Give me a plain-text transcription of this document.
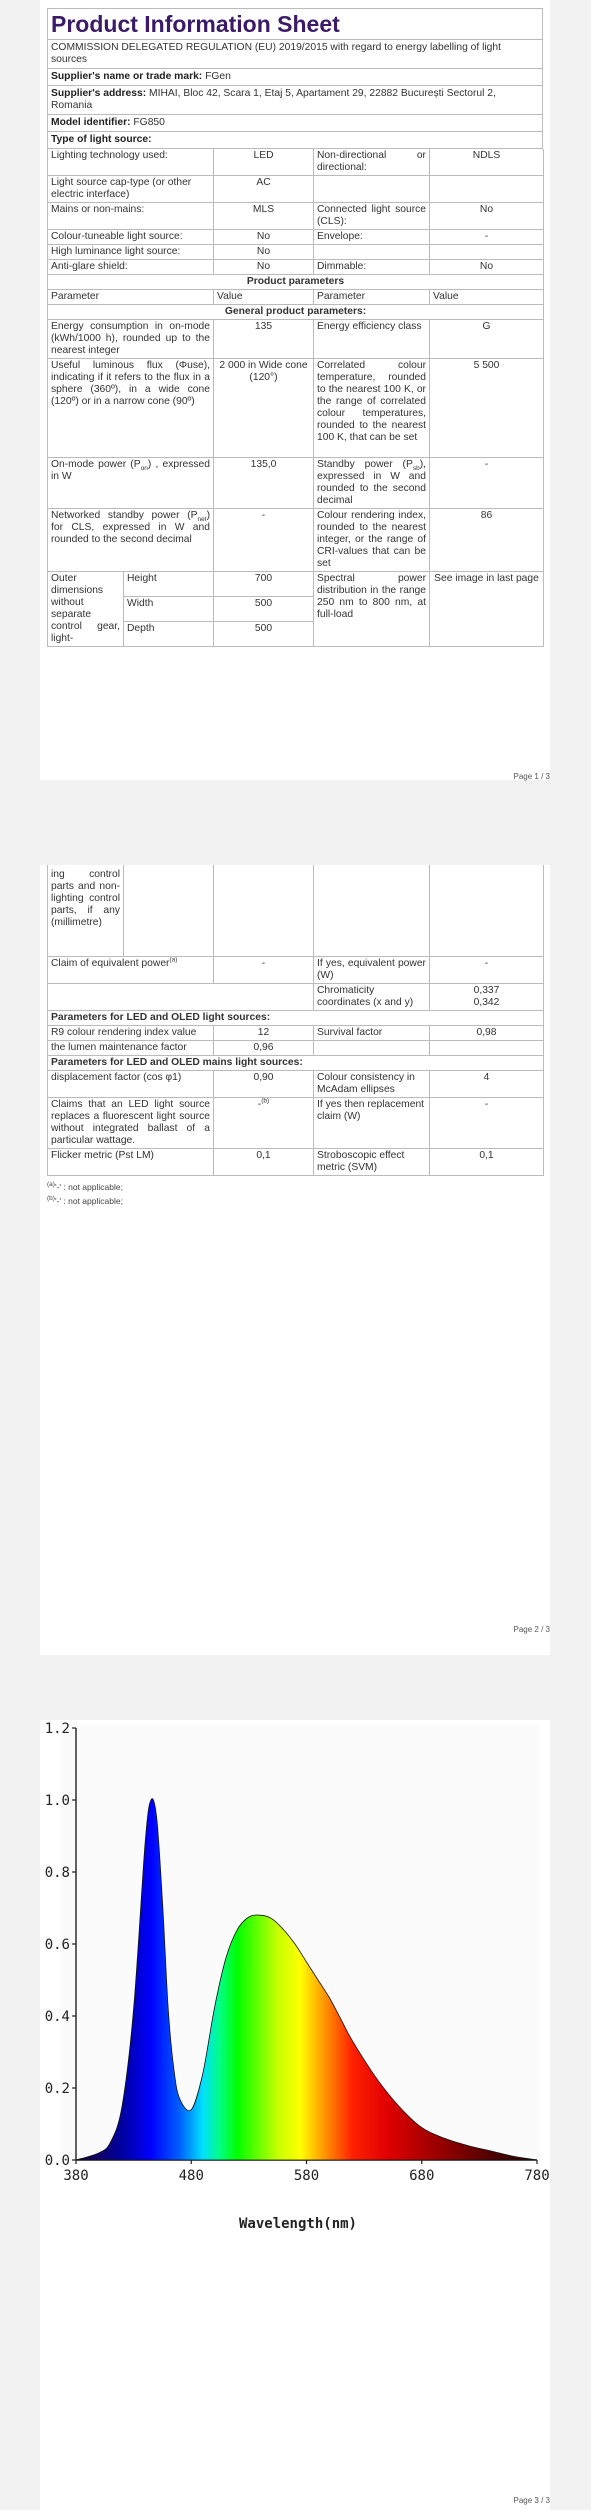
Product Information Sheet
COMMISSION DELEGATED REGULATION (EU) 2019/2015 with regard to energy labelling of light sources
Supplier's name or trade mark: FGen
Supplier's address: MIHAI, Bloc 42, Scara 1, Etaj 5, Apartament 29, 22882 București Sectorul 2, Romania
Model identifier: FG850
Type of light source:
Lighting technology used:	LED	Non-directional or directional:	NDLS
Light source cap-type (or other electric interface)	AC		
Mains or non-mains:	MLS	Connected light source (CLS):	No
Colour-tuneable light source:	No	Envelope:	-
High luminance light source:	No		
Anti-glare shield:	No	Dimmable:	No
Product parameters			
Parameter	Value	Parameter	Value
General product parameters:			
Energy consumption in on-mode (kWh/1000 h), rounded up to the nearest integer	135	Energy efficiency class	G
Useful luminous flux (Φuse), indicating if it refers to the flux in a sphere (360º), in a wide cone (120º) or in a narrow cone (90º)	2 000 in Wide cone (120°)	Correlated colour temperature, rounded to the nearest 100 K, or the range of correlated colour temperatures, rounded to the nearest 100 K, that can be set	5 500
On-mode power $(P_{on})$ , expressed in W	135,0	Standby power $(P_{sb})$, expressed in W and rounded to the second decimal	-
Networked standby power $(P_{net})$ for CLS, expressed in W and rounded to the second decimal	-	Colour rendering index, rounded to the nearest integer, or the range of CRI-values that can be set	86
Outer dimensions without separate control gear, light-	Height	700	Spectral power distribution in the range 250 nm to 800 nm, at full-load	See image in last page
	Width	500		
	Depth	500		
Page 1 / 3
ing control parts and non-lighting control parts, if any (millimetre)				
Claim of equivalent power$^{(a)}$		-	If yes, equivalent power (W)	-
			Chromaticity coordinates (x and y)	0,337
0,342
Parameters for LED and OLED light sources:				
R9 colour rendering index value		12	Survival factor	0,98
the lumen maintenance factor		0,96		
Parameters for LED and OLED mains light sources:				
displacement factor (cos φ1)		0,90	Colour consistency in McAdam ellipses	4
Claims that an LED light source replaces a fluorescent light source without integrated ballast of a particular wattage.		-$^{(b)}$	If yes then replacement claim (W)	-
Flicker metric (Pst LM)		0,1	Stroboscopic effect metric (SVM)	0,1
$^{(a)}$'-' : not applicable;
$^{(b)}$'-' : not applicable;
Page 2 / 3
0.0
0.2
0.4
0.6
0.8
1.0
1.2
380	480	580	680	780
Wavelength(nm)
Page 3 / 3
